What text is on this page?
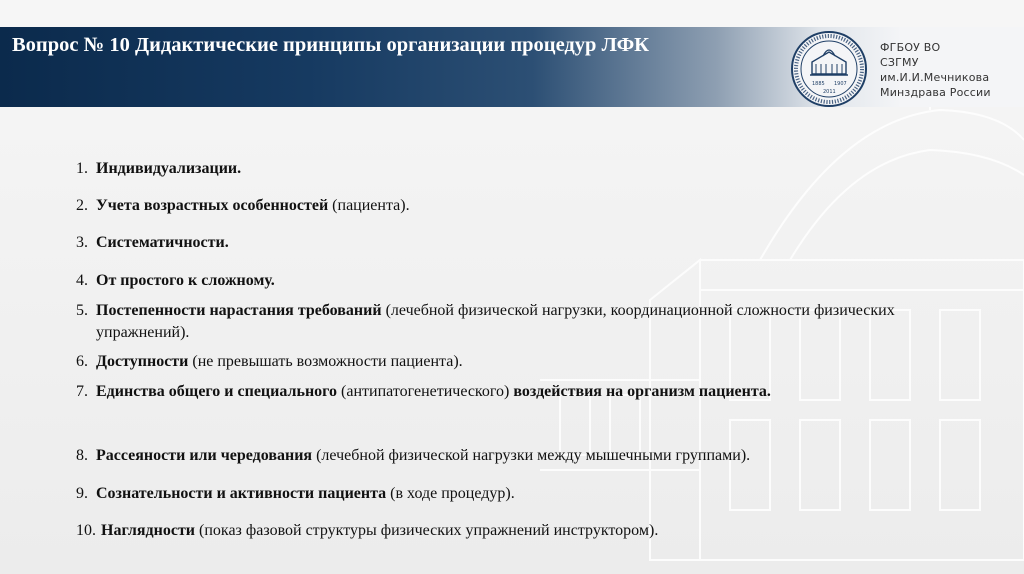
Вопрос № 10 Дидактические принципы организации процедур ЛФК
1885 1907
2011
ФГБОУ ВО
СЗГМУ
им.И.И.Мечникова
Минздрава России
1. Индивидуализации.
2. Учета возрастных особенностей (пациента).
3. Систематичности.
4. От простого к сложному.
5. Постепенности нарастания требований (лечебной физической нагрузки, координационной сложности физических упражнений).
6. Доступности (не превышать возможности пациента).
7. Единства общего и специального (антипатогенетического) воздействия на организм пациента.
8. Рассеяности или чередования (лечебной физической нагрузки между мышечными группами).
9. Сознательности и активности пациента (в ходе процедур).
10. Наглядности (показ фазовой структуры физических упражнений инструктором).
